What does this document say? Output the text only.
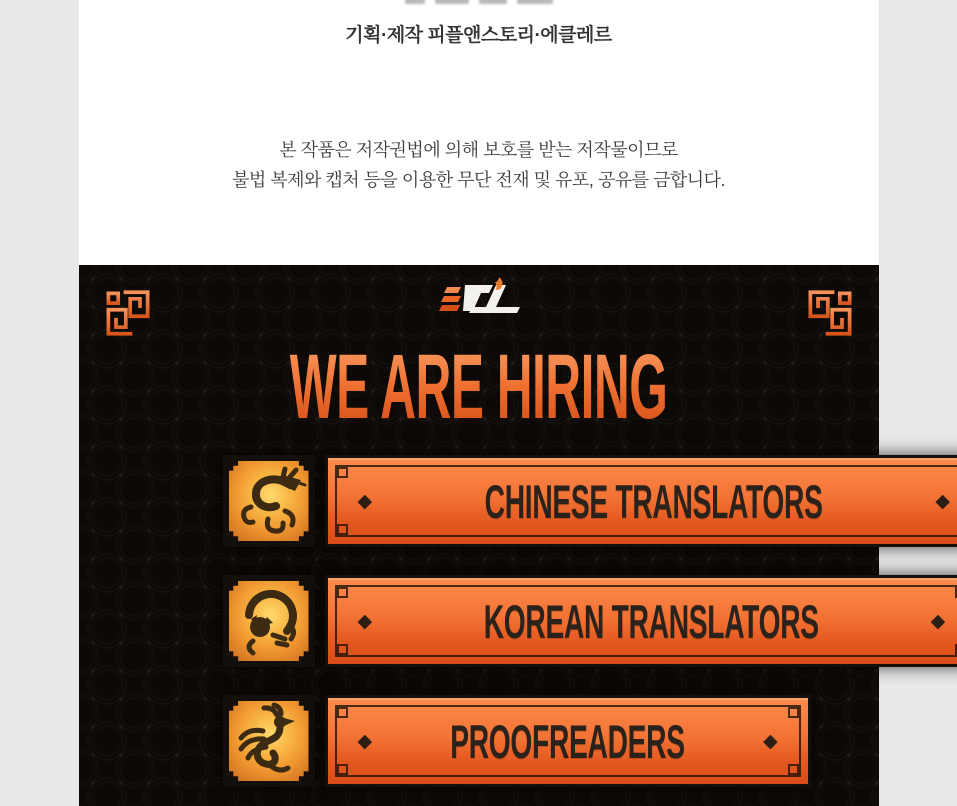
기획·제작 피플앤스토리·에클레르
본 작품은 저작권법에 의해 보호를 받는 저작물이므로
불법 복제와 캡처 등을 이용한 무단 전재 및 유포, 공유를 금합니다.
WE ARE HIRING
◆	CHINESE TRANSLATORS	◆
◆	KOREAN TRANSLATORS	◆
◆	PROOFREADERS	◆
